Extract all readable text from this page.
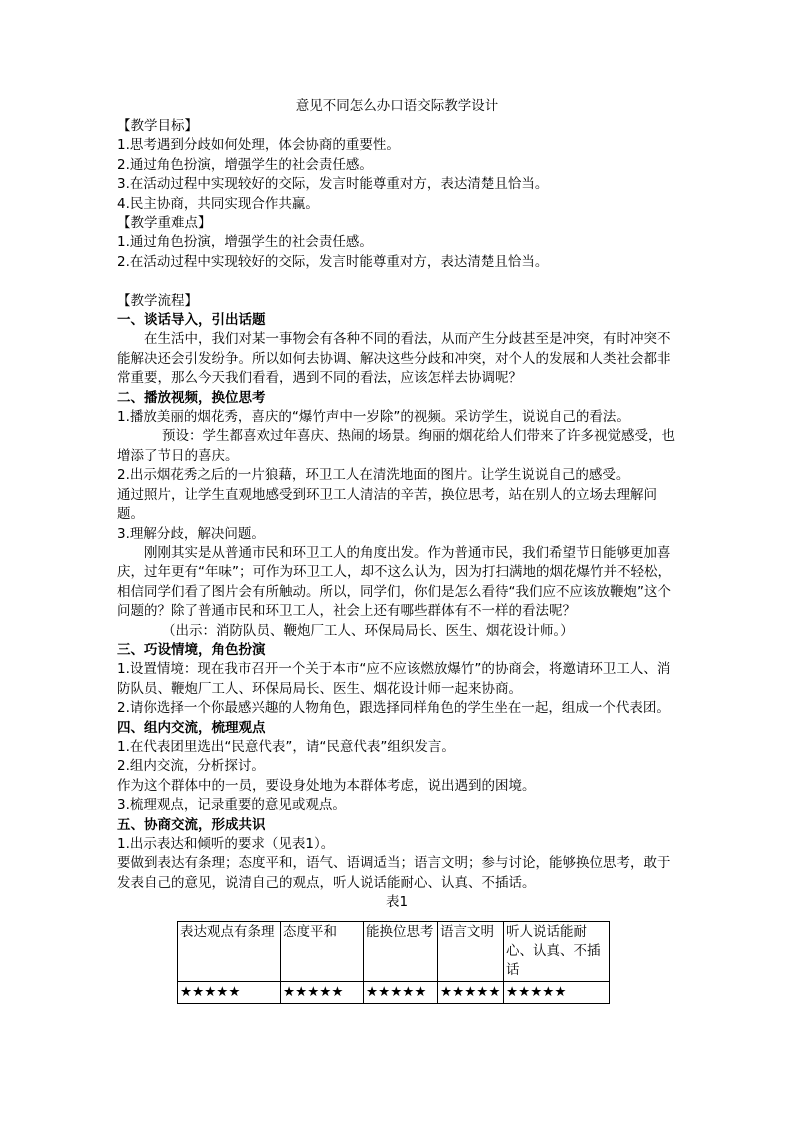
意见不同怎么办口语交际教学设计

【教学目标】

1.思考遇到分歧如何处理，体会协商的重要性。

2.通过角色扮演，增强学生的社会责任感。

3.在活动过程中实现较好的交际，发言时能尊重对方，表达清楚且恰当。

4.民主协商，共同实现合作共赢。

【教学重难点】

1.通过角色扮演，增强学生的社会责任感。

2.在活动过程中实现较好的交际，发言时能尊重对方，表达清楚且恰当。

【教学流程】

一、谈话导入，引出话题

在生活中，我们对某一事物会有各种不同的看法，从而产生分歧甚至是冲突，有时冲突不能解决还会引发纷争。所以如何去协调、解决这些分歧和冲突，对个人的发展和人类社会都非常重要，那么今天我们看看，遇到不同的看法，应该怎样去协调呢？

二、播放视频，换位思考

1.播放美丽的烟花秀，喜庆的“爆竹声中一岁除”的视频。采访学生，说说自己的看法。

预设：学生都喜欢过年喜庆、热闹的场景。绚丽的烟花给人们带来了许多视觉感受，也增添了节日的喜庆。

2.出示烟花秀之后的一片狼藉，环卫工人在清洗地面的图片。让学生说说自己的感受。

通过照片，让学生直观地感受到环卫工人清洁的辛苦，换位思考，站在别人的立场去理解问题。

3.理解分歧，解决问题。

刚刚其实是从普通市民和环卫工人的角度出发。作为普通市民，我们希望节日能够更加喜庆，过年更有“年味”；可作为环卫工人，却不这么认为，因为打扫满地的烟花爆竹并不轻松，相信同学们看了图片会有所触动。所以，同学们，你们是怎么看待“我们应不应该放鞭炮”这个问题的？除了普通市民和环卫工人，社会上还有哪些群体有不一样的看法呢？

（出示：消防队员、鞭炮厂工人、环保局局长、医生、烟花设计师。）

三、巧设情境，角色扮演

1.设置情境：现在我市召开一个关于本市“应不应该燃放爆竹”的协商会，将邀请环卫工人、消防队员、鞭炮厂工人、环保局局长、医生、烟花设计师一起来协商。

2.请你选择一个你最感兴趣的人物角色，跟选择同样角色的学生坐在一起，组成一个代表团。

四、组内交流，梳理观点

1.在代表团里选出“民意代表”，请“民意代表”组织发言。

2.组内交流，分析探讨。

作为这个群体中的一员，要设身处地为本群体考虑，说出遇到的困境。

3.梳理观点，记录重要的意见或观点。

五、协商交流，形成共识

1.出示表达和倾听的要求（见表1）。

要做到表达有条理；态度平和，语气、语调适当；语言文明；参与讨论，能够换位思考，敢于发表自己的意见，说清自己的观点，听人说话能耐心、认真、不插话。

表1

表达观点有条理	态度平和	能换位思考	语言文明	听人说话能耐心、认真、不插话
★★★★★	★★★★★	★★★★★	★★★★★	★★★★★
